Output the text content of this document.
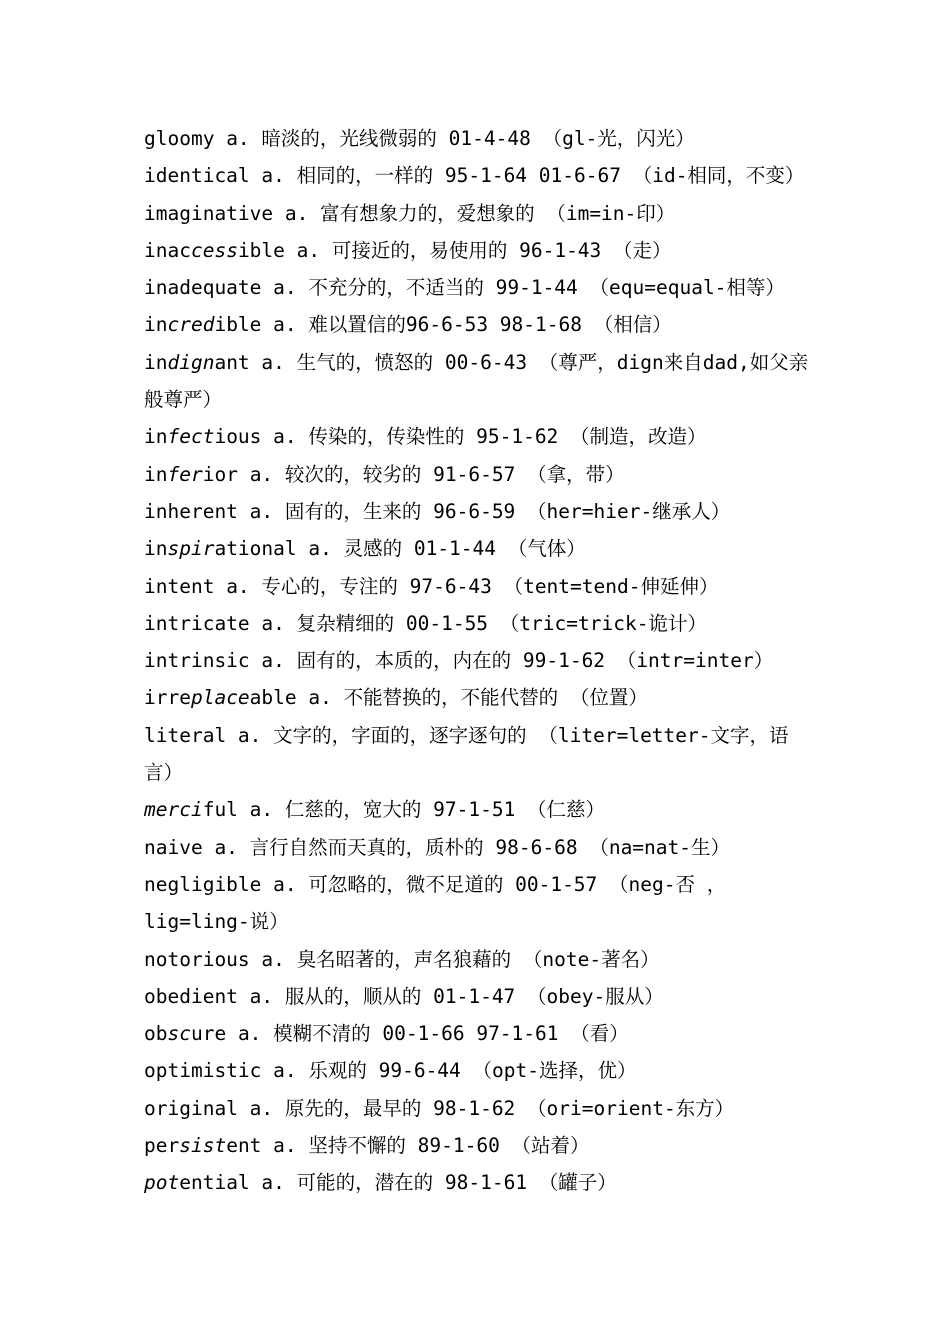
gloomy a. 暗淡的，光线微弱的 01-4-48 （gl-光，闪光）
identical a. 相同的，一样的 95-1-64 01-6-67 （id-相同，不变）
imaginative a. 富有想象力的，爱想象的 （im=in-印）
inaccessible a. 可接近的，易使用的 96-1-43 （走）
inadequate a. 不充分的，不适当的 99-1-44 （equ=equal-相等）
incredible a. 难以置信的96-6-53 98-1-68 （相信）
indignant a. 生气的，愤怒的 00-6-43 （尊严，dign来自dad,如父亲般尊严）
infectious a. 传染的，传染性的 95-1-62 （制造，改造）
inferior a. 较次的，较劣的 91-6-57 （拿，带）
inherent a. 固有的，生来的 96-6-59 （her=hier-继承人）
inspirational a. 灵感的 01-1-44 （气体）
intent a. 专心的，专注的 97-6-43 （tent=tend-伸延伸）
intricate a. 复杂精细的 00-1-55 （tric=trick-诡计）
intrinsic a. 固有的，本质的，内在的 99-1-62 （intr=inter）
irreplaceable a. 不能替换的，不能代替的 （位置）
literal a. 文字的，字面的，逐字逐句的 （liter=letter-文字，语言）
merciful a. 仁慈的，宽大的 97-1-51 （仁慈）
naive a. 言行自然而天真的，质朴的 98-6-68 （na=nat-生）
negligible a. 可忽略的，微不足道的 00-1-57 （neg-否 ，lig=ling-说）
notorious a. 臭名昭著的，声名狼藉的 （note-著名）
obedient a. 服从的，顺从的 01-1-47 （obey-服从）
obscure a. 模糊不清的 00-1-66 97-1-61 （看）
optimistic a. 乐观的 99-6-44 （opt-选择，优）
original a. 原先的，最早的 98-1-62 （ori=orient-东方）
persistent a. 坚持不懈的 89-1-60 （站着）
potential a. 可能的，潜在的 98-1-61 （罐子）
